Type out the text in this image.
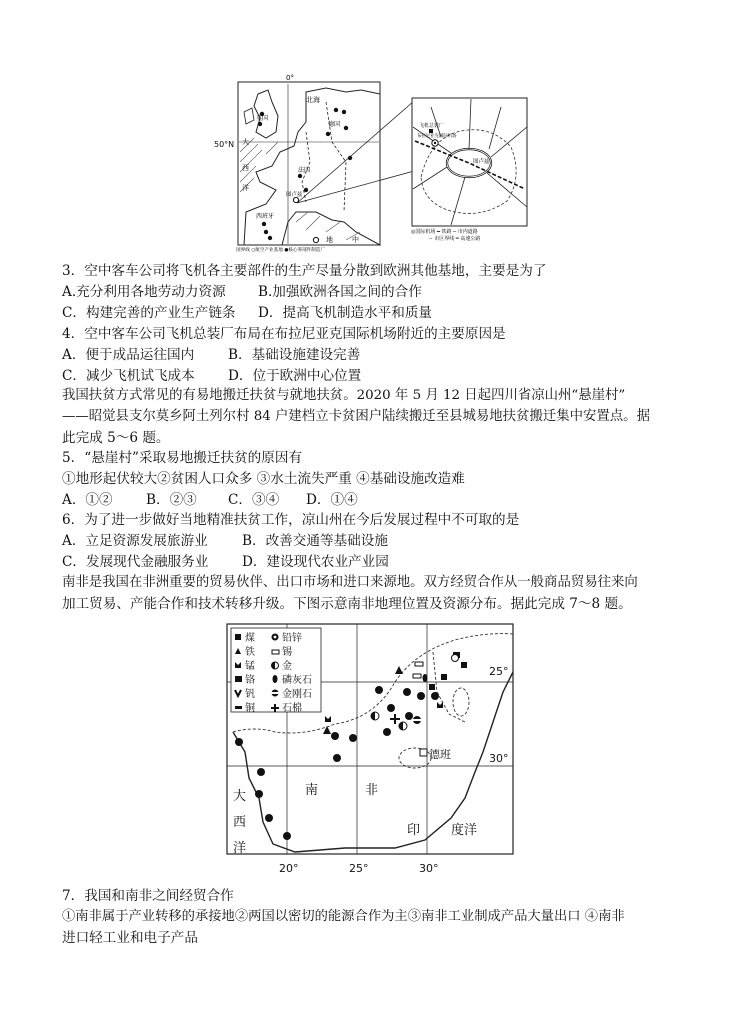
0°
北海
英国
德国
法国
西班牙
图卢兹
大
西
洋
地	中
国界线 ○航空产业基地 ●核心零部件制造厂
50°N
飞机总装厂
布拉尼亚克国际机场
图卢兹
◎国际机场 ━ 铁路 ─ 市内道路
-- 市区界线 ═ 高速公路
3．空中客车公司将飞机各主要部件的生产尽量分散到欧洲其他基地，主要是为了
A.充分利用各地劳动力资源 B.加强欧洲各国之间的合作
C．构建完善的产业生产链条 D．提高飞机制造水平和质量
4．空中客车公司飞机总装厂布局在布拉尼亚克国际机场附近的主要原因是
A．便于成品运往国内 B．基础设施建设完善
C．减少飞机试飞成本 D．位于欧洲中心位置
我国扶贫方式常见的有易地搬迁扶贫与就地扶贫。2020 年 5 月 12 日起四川省凉山州“悬崖村”
——昭觉县支尔莫乡阿土列尔村 84 户建档立卡贫困户陆续搬迁至县城易地扶贫搬迁集中安置点。据
此完成 5～6 题。
5．“悬崖村”采取易地搬迁扶贫的原因有
①地形起伏较大②贫困人口众多 ③水土流失严重 ④基础设施改造难
A．①② B．②③ C．③④ D．①④
6．为了进一步做好当地精准扶贫工作，凉山州在今后发展过程中不可取的是
A．立足资源发展旅游业	B．改善交通等基础设施
C．发展现代金融服务业 D．建设现代农业产业园
南非是我国在非洲重要的贸易伙伴、出口市场和进口来源地。双方经贸合作从一般商品贸易往来向
加工贸易、产能合作和技术转移升级。下图示意南非地理位置及资源分布。据此完成 7～8 题。
煤
铁
锰
铬
钒
铜
铅锌
锡
金
磷灰石
金刚石
石棉
25°
30°
德班
南	非
印 度洋
大
西
洋
20°	25°	30°
7．我国和南非之间经贸合作
①南非属于产业转移的承接地②两国以密切的能源合作为主③南非工业制成产品大量出口 ④南非
进口轻工业和电子产品
